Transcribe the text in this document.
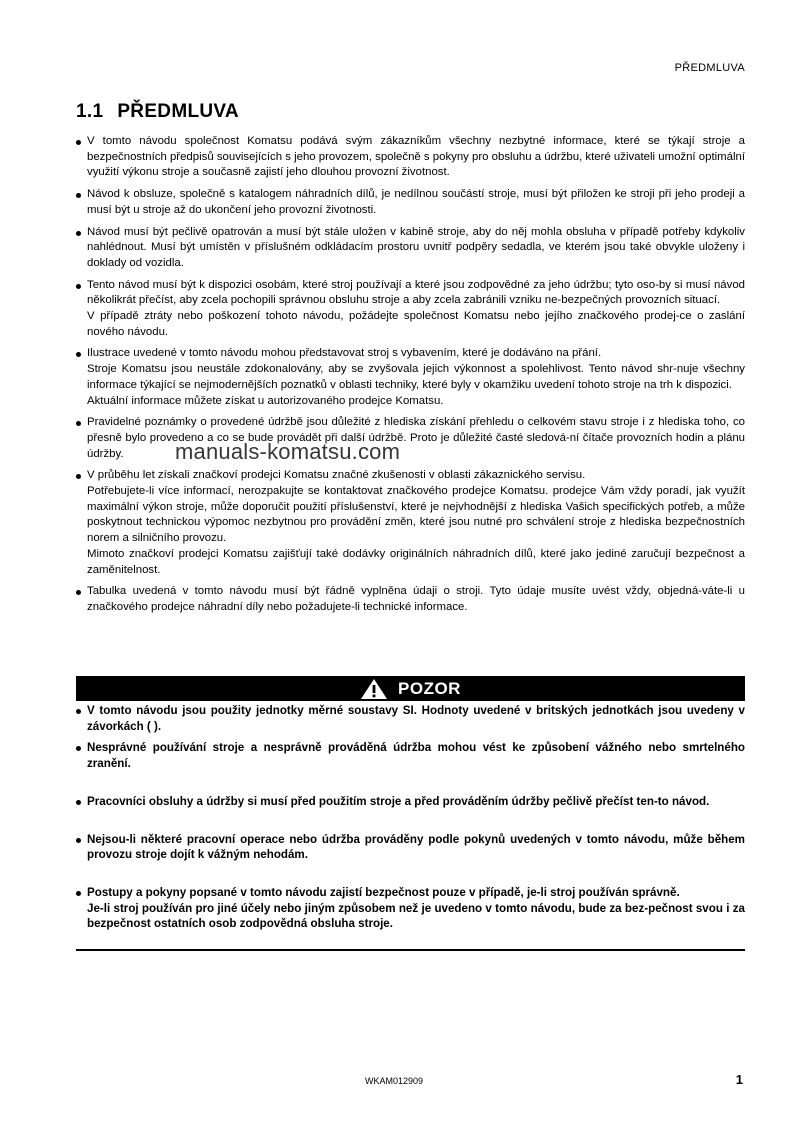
PŘEDMLUVA
1.1 PŘEDMLUVA

V tomto návodu společnost Komatsu podává svým zákazníkům všechny nezbytné informace, které se týkají stroje a bezpečnostních předpisů souvisejících s jeho provozem, společně s pokyny pro obsluhu a údržbu, které uživateli umožní optimální využití výkonu stroje a současně zajistí jeho dlouhou provozní životnost.

Návod k obsluze, společně s katalogem náhradních dílů, je nedílnou součástí stroje, musí být přiložen ke stroji při jeho prodeji a musí být u stroje až do ukončení jeho provozní životnosti.

Návod musí být pečlivě opatrován a musí být stále uložen v kabině stroje, aby do něj mohla obsluha v případě potřeby kdykoliv nahlédnout. Musí být umístěn v příslušném odkládacím prostoru uvnitř podpěry sedadla, ve kterém jsou také obvykle uloženy i doklady od vozidla.

Tento návod musí být k dispozici osobám, které stroj používají a které jsou zodpovědné za jeho údržbu; tyto oso-by si musí návod několikrát přečíst, aby zcela pochopili správnou obsluhu stroje a aby zcela zabránili vzniku ne-bezpečných provozních situací.

V případě ztráty nebo poškození tohoto návodu, požádejte společnost Komatsu nebo jejího značkového prodej-ce o zaslání nového návodu.

Ilustrace uvedené v tomto návodu mohou představovat stroj s vybavením, které je dodáváno na přání.

Stroje Komatsu jsou neustále zdokonalovány, aby se zvyšovala jejich výkonnost a spolehlivost. Tento návod shr-nuje všechny informace týkající se nejmodernějších poznatků v oblasti techniky, které byly v okamžiku uvedení tohoto stroje na trh k dispozici.

Aktuální informace můžete získat u autorizovaného prodejce Komatsu.

Pravidelné poznámky o provedené údržbě jsou důležité z hlediska získání přehledu o celkovém stavu stroje i z hlediska toho, co přesně bylo provedeno a co se bude provádět při další údržbě. Proto je důležité časté sledová-ní čítače provozních hodin a plánu údržby.

V průběhu let získali značkoví prodejci Komatsu značné zkušenosti v oblasti zákaznického servisu.

Potřebujete-li více informací, nerozpakujte se kontaktovat značkového prodejce Komatsu. prodejce Vám vždy poradí, jak využít maximální výkon stroje, může doporučit použití příslušenství, které je nejvhodnější z hlediska Vašich specifických potřeb, a může poskytnout technickou výpomoc nezbytnou pro provádění změn, které jsou nutné pro schválení stroje z hlediska bezpečnostních norem a silničního provozu.

Mimoto značkoví prodejci Komatsu zajišťují také dodávky originálních náhradních dílů, které jako jediné zaručují bezpečnost a zaměnitelnost.

Tabulka uvedená v tomto návodu musí být řádně vyplněna údaji o stroji. Tyto údaje musíte uvést vždy, objedná-váte-li u značkového prodejce náhradní díly nebo požadujete-li technické informace.

POZOR

V tomto návodu jsou použity jednotky měrné soustavy SI. Hodnoty uvedené v britských jednotkách jsou uvedeny v závorkách ( ).

Nesprávné používání stroje a nesprávně prováděná údržba mohou vést ke způsobení vážného nebo smrtelného zranění.

Pracovníci obsluhy a údržby si musí před použitím stroje a před prováděním údržby pečlivě přečíst ten-to návod.

Nejsou-li některé pracovní operace nebo údržba prováděny podle pokynů uvedených v tomto návodu, může během provozu stroje dojít k vážným nehodám.

Postupy a pokyny popsané v tomto návodu zajistí bezpečnost pouze v případě, je-li stroj používán správně.

Je-li stroj používán pro jiné účely nebo jiným způsobem než je uvedeno v tomto návodu, bude za bez-pečnost svou i za bezpečnost ostatních osob zodpovědná obsluha stroje.

manuals-komatsu.com
WKAM012909	1
